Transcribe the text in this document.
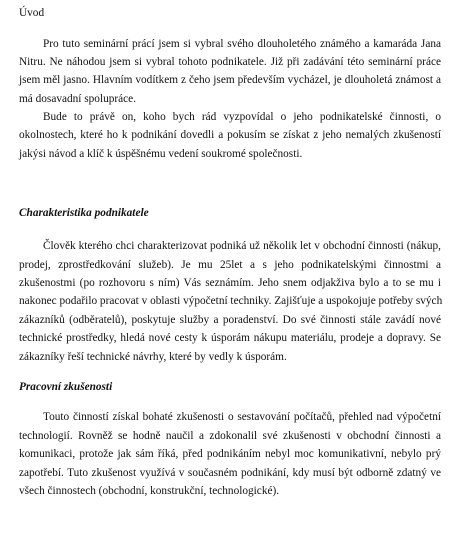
Úvod
Pro tuto seminární prácí jsem si vybral svého dlouholetého známého a kamaráda Jana
Nitru. Ne náhodou jsem si vybral tohoto podnikatele. Již při zadávání této seminární práce
jsem měl jasno. Hlavním vodítkem z čeho jsem především vycházel, je dlouholetá známost a
má dosavadní spolupráce.
Bude to právě on, koho bych rád vyzpovídal o jeho podnikatelské činnosti, o
okolnostech, které ho k podnikání dovedli a pokusím se získat z jeho nemalých zkušeností
jakýsi návod a klíč k úspěšnému vedení soukromé společnosti.
Charakteristika podnikatele
Člověk kterého chci charakterizovat podniká už několik let v obchodní činnosti (nákup,
prodej, zprostředkování služeb). Je mu 25let a s jeho podnikatelskými činnostmi a
zkušenostmi (po rozhovoru s ním) Vás seznámím. Jeho snem odjakživa bylo a to se mu i
nakonec podařilo pracovat v oblasti výpočetní techniky. Zajišťuje a uspokojuje potřeby svých
zákazníků (odběratelů), poskytuje služby a poradenství. Do své činnosti stále zavádí nové
technické prostředky, hledá nové cesty k úsporám nákupu materiálu, prodeje a dopravy. Se
zákazníky řeší technické návrhy, které by vedly k úsporám.
Pracovní zkušenosti
Touto činností získal bohaté zkušenosti o sestavování počítačů, přehled nad výpočetní
technologií. Rovněž se hodně naučil a zdokonalil své zkušenosti v obchodní činnosti a
komunikaci, protože jak sám říká, před podnikáním nebyl moc komunikativní, nebylo prý
zapotřebí. Tuto zkušenost využívá v současném podnikání, kdy musí být odborně zdatný ve
všech činnostech (obchodní, konstrukční, technologické).
